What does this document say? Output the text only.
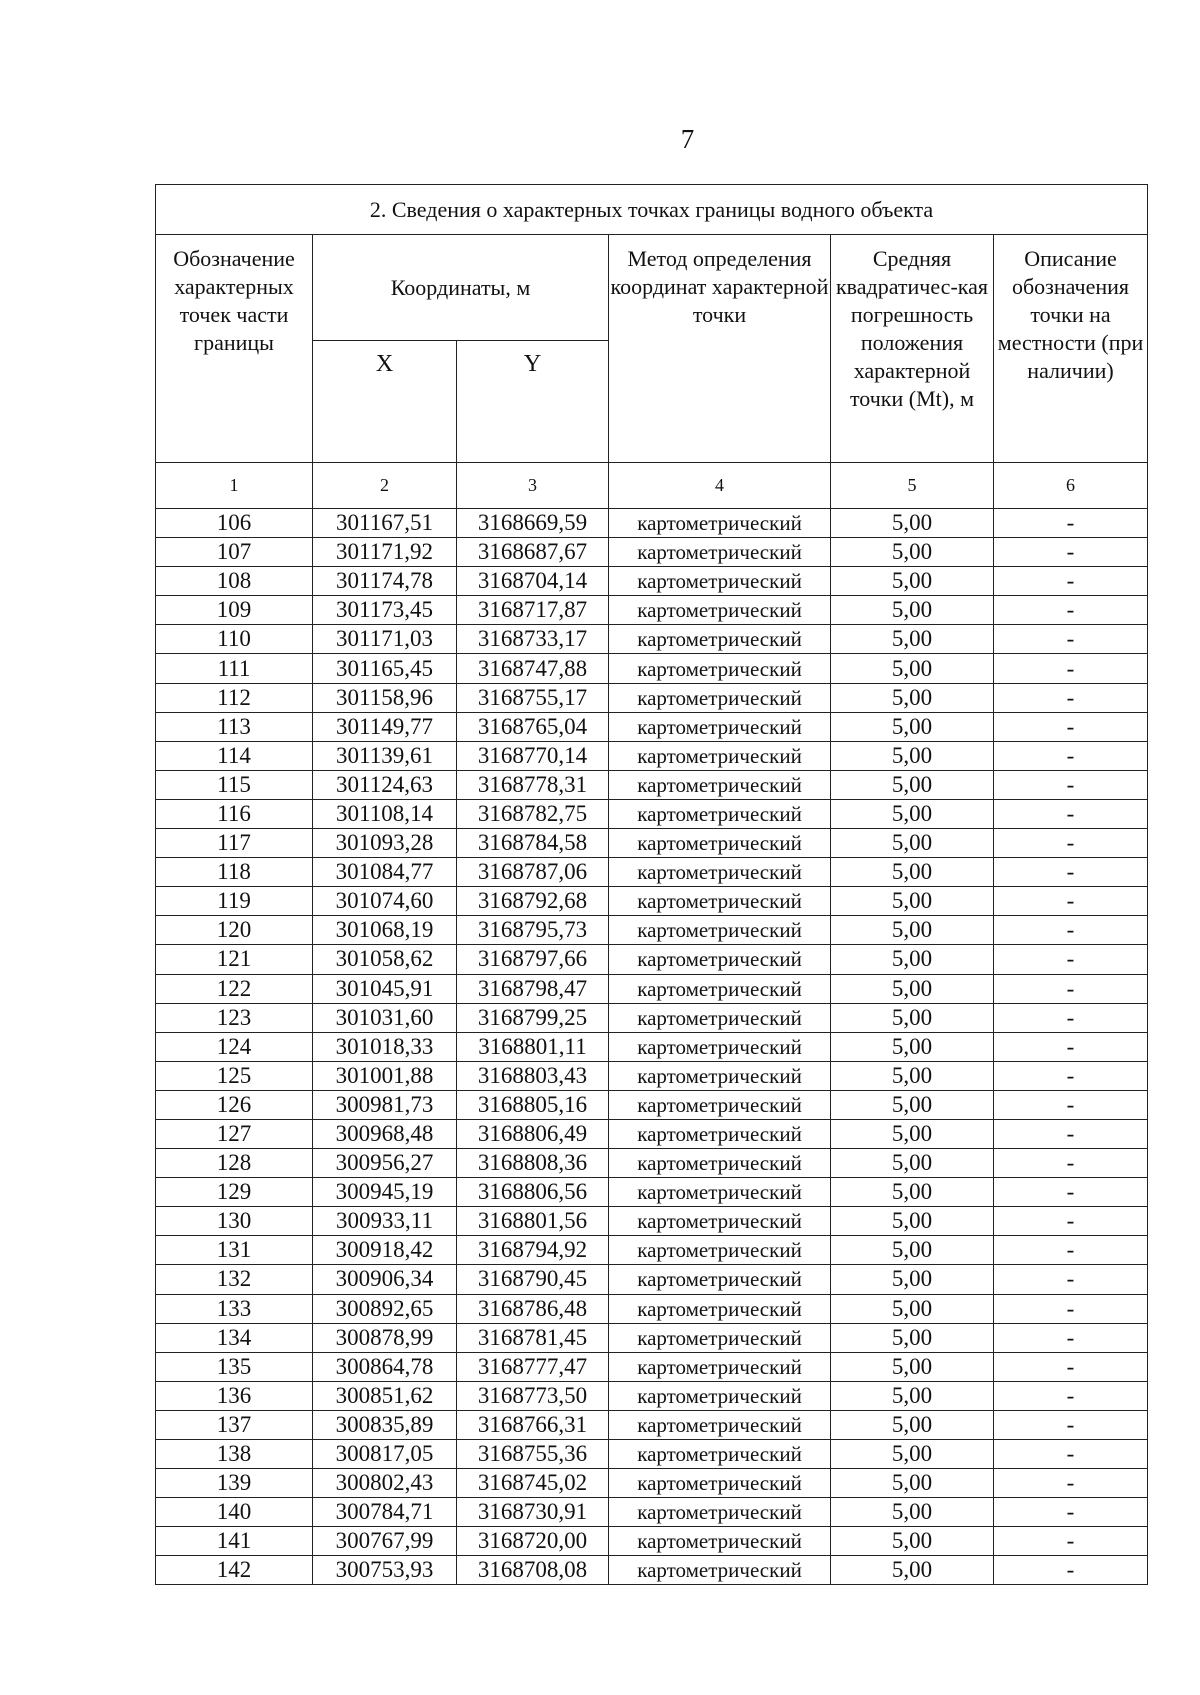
7
2. Сведения о характерных точках границы водного объекта					
Обозначение характерных точек части границы	Координаты, м		Метод определения координат характерной точки	Средняя квадратичес-кая погрешность положения характерной точки (Mt), м	Описание обозначения точки на местности (при наличии)
	X	Y			
1	2	3	4	5	6
106	301167,51	3168669,59	картометрический	5,00	-
107	301171,92	3168687,67	картометрический	5,00	-
108	301174,78	3168704,14	картометрический	5,00	-
109	301173,45	3168717,87	картометрический	5,00	-
110	301171,03	3168733,17	картометрический	5,00	-
111	301165,45	3168747,88	картометрический	5,00	-
112	301158,96	3168755,17	картометрический	5,00	-
113	301149,77	3168765,04	картометрический	5,00	-
114	301139,61	3168770,14	картометрический	5,00	-
115	301124,63	3168778,31	картометрический	5,00	-
116	301108,14	3168782,75	картометрический	5,00	-
117	301093,28	3168784,58	картометрический	5,00	-
118	301084,77	3168787,06	картометрический	5,00	-
119	301074,60	3168792,68	картометрический	5,00	-
120	301068,19	3168795,73	картометрический	5,00	-
121	301058,62	3168797,66	картометрический	5,00	-
122	301045,91	3168798,47	картометрический	5,00	-
123	301031,60	3168799,25	картометрический	5,00	-
124	301018,33	3168801,11	картометрический	5,00	-
125	301001,88	3168803,43	картометрический	5,00	-
126	300981,73	3168805,16	картометрический	5,00	-
127	300968,48	3168806,49	картометрический	5,00	-
128	300956,27	3168808,36	картометрический	5,00	-
129	300945,19	3168806,56	картометрический	5,00	-
130	300933,11	3168801,56	картометрический	5,00	-
131	300918,42	3168794,92	картометрический	5,00	-
132	300906,34	3168790,45	картометрический	5,00	-
133	300892,65	3168786,48	картометрический	5,00	-
134	300878,99	3168781,45	картометрический	5,00	-
135	300864,78	3168777,47	картометрический	5,00	-
136	300851,62	3168773,50	картометрический	5,00	-
137	300835,89	3168766,31	картометрический	5,00	-
138	300817,05	3168755,36	картометрический	5,00	-
139	300802,43	3168745,02	картометрический	5,00	-
140	300784,71	3168730,91	картометрический	5,00	-
141	300767,99	3168720,00	картометрический	5,00	-
142	300753,93	3168708,08	картометрический	5,00	-
